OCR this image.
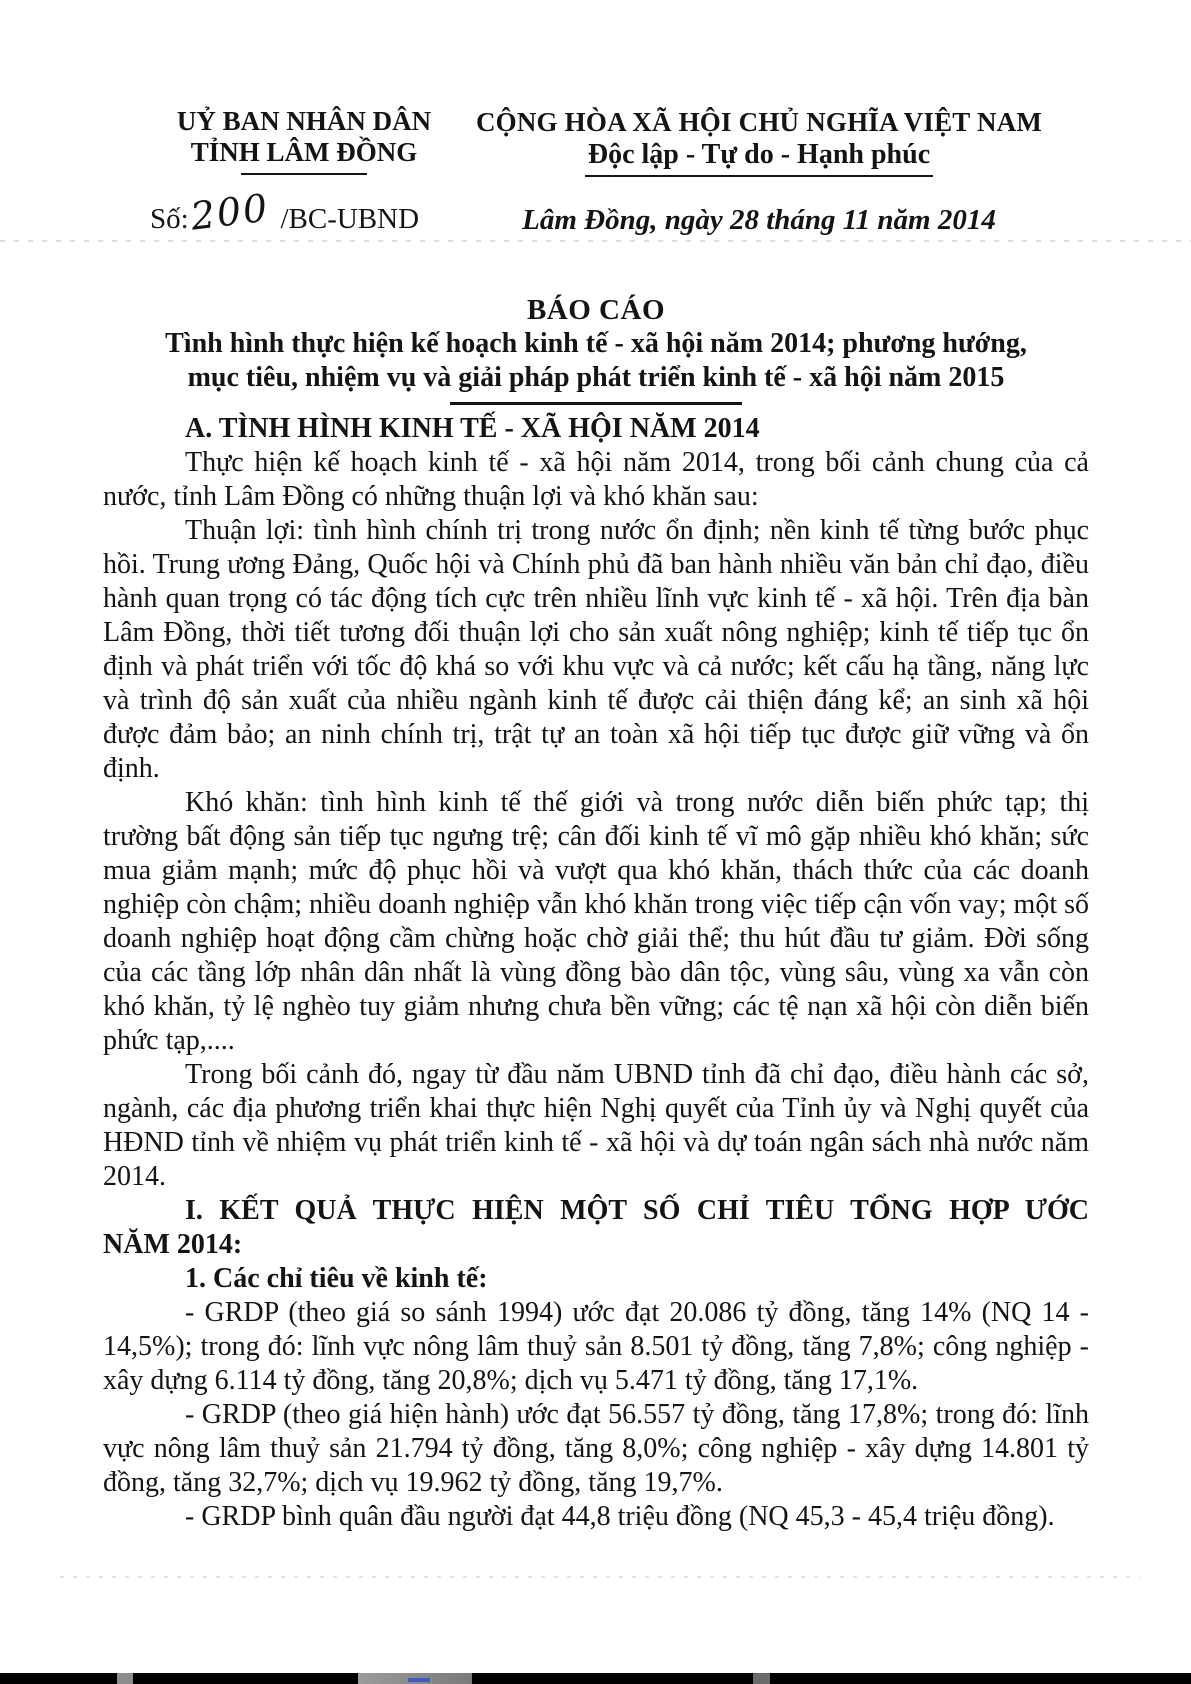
UỶ BAN NHÂN DÂN
TỈNH LÂM ĐỒNG
CỘNG HÒA XÃ HỘI CHỦ NGHĨA VIỆT NAM
Độc lập - Tự do - Hạnh phúc
Số:200 /BC-UBND	Lâm Đồng, ngày 28 tháng 11 năm 2014
BÁO CÁO
Tình hình thực hiện kế hoạch kinh tế - xã hội năm 2014; phương hướng,
mục tiêu, nhiệm vụ và giải pháp phát triển kinh tế - xã hội năm 2015

A. TÌNH HÌNH KINH TẾ - XÃ HỘI NĂM 2014

Thực hiện kế hoạch kinh tế - xã hội năm 2014, trong bối cảnh chung của cả nước, tỉnh Lâm Đồng có những thuận lợi và khó khăn sau:

Thuận lợi: tình hình chính trị trong nước ổn định; nền kinh tế từng bước phục hồi. Trung ương Đảng, Quốc hội và Chính phủ đã ban hành nhiều văn bản chỉ đạo, điều hành quan trọng có tác động tích cực trên nhiều lĩnh vực kinh tế - xã hội. Trên địa bàn Lâm Đồng, thời tiết tương đối thuận lợi cho sản xuất nông nghiệp; kinh tế tiếp tục ổn định và phát triển với tốc độ khá so với khu vực và cả nước; kết cấu hạ tầng, năng lực và trình độ sản xuất của nhiều ngành kinh tế được cải thiện đáng kể; an sinh xã hội được đảm bảo; an ninh chính trị, trật tự an toàn xã hội tiếp tục được giữ vững và ổn định.

Khó khăn: tình hình kinh tế thế giới và trong nước diễn biến phức tạp; thị trường bất động sản tiếp tục ngưng trệ; cân đối kinh tế vĩ mô gặp nhiều khó khăn; sức mua giảm mạnh; mức độ phục hồi và vượt qua khó khăn, thách thức của các doanh nghiệp còn chậm; nhiều doanh nghiệp vẫn khó khăn trong việc tiếp cận vốn vay; một số doanh nghiệp hoạt động cầm chừng hoặc chờ giải thể; thu hút đầu tư giảm. Đời sống của các tầng lớp nhân dân nhất là vùng đồng bào dân tộc, vùng sâu, vùng xa vẫn còn khó khăn, tỷ lệ nghèo tuy giảm nhưng chưa bền vững; các tệ nạn xã hội còn diễn biến phức tạp,....

Trong bối cảnh đó, ngay từ đầu năm UBND tỉnh đã chỉ đạo, điều hành các sở, ngành, các địa phương triển khai thực hiện Nghị quyết của Tỉnh ủy và Nghị quyết của HĐND tỉnh về nhiệm vụ phát triển kinh tế - xã hội và dự toán ngân sách nhà nước năm 2014.

I. KẾT QUẢ THỰC HIỆN MỘT SỐ CHỈ TIÊU TỔNG HỢP ƯỚC
NĂM 2014:

1. Các chỉ tiêu về kinh tế:

- GRDP (theo giá so sánh 1994) ước đạt 20.086 tỷ đồng, tăng 14% (NQ 14 - 14,5%); trong đó: lĩnh vực nông lâm thuỷ sản 8.501 tỷ đồng, tăng 7,8%; công nghiệp - xây dựng 6.114 tỷ đồng, tăng 20,8%; dịch vụ 5.471 tỷ đồng, tăng 17,1%.

- GRDP (theo giá hiện hành) ước đạt 56.557 tỷ đồng, tăng 17,8%; trong đó: lĩnh vực nông lâm thuỷ sản 21.794 tỷ đồng, tăng 8,0%; công nghiệp - xây dựng 14.801 tỷ đồng, tăng 32,7%; dịch vụ 19.962 tỷ đồng, tăng 19,7%.

- GRDP bình quân đầu người đạt 44,8 triệu đồng (NQ 45,3 - 45,4 triệu đồng).
